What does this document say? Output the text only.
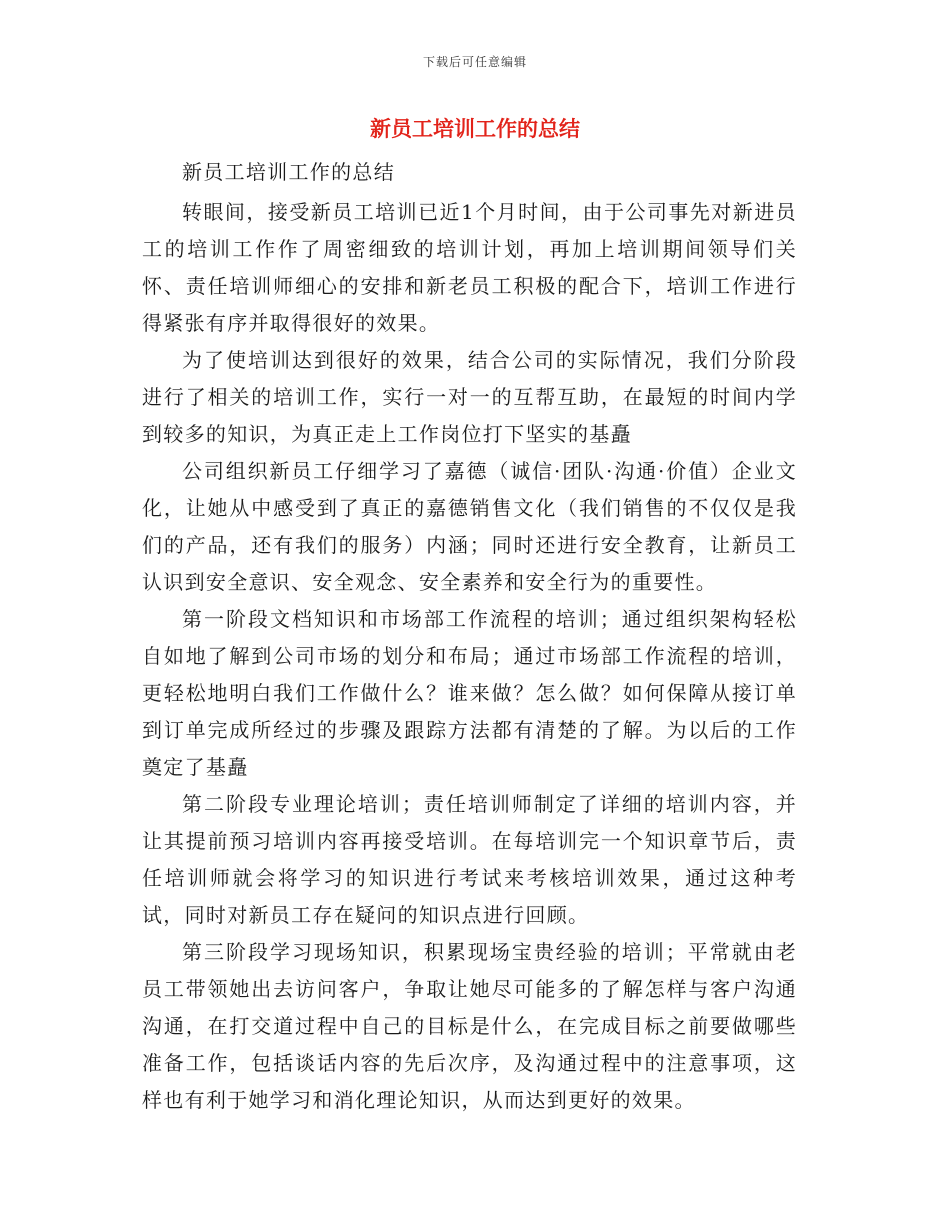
下载后可任意编辑
新员工培训工作的总结

新员工培训工作的总结

转眼间，接受新员工培训已近1个月时间，由于公司事先对新进员工的培训工作作了周密细致的培训计划，再加上培训期间领导们关怀、责任培训师细心的安排和新老员工积极的配合下，培训工作进行得紧张有序并取得很好的效果。

为了使培训达到很好的效果，结合公司的实际情况，我们分阶段进行了相关的培训工作，实行一对一的互帮互助，在最短的时间内学到较多的知识，为真正走上工作岗位打下坚实的基矗

公司组织新员工仔细学习了嘉德（诚信·团队·沟通·价值）企业文化，让她从中感受到了真正的嘉德销售文化（我们销售的不仅仅是我们的产品，还有我们的服务）内涵；同时还进行安全教育，让新员工认识到安全意识、安全观念、安全素养和安全行为的重要性。

第一阶段文档知识和市场部工作流程的培训；通过组织架构轻松自如地了解到公司市场的划分和布局；通过市场部工作流程的培训，更轻松地明白我们工作做什么？谁来做？怎么做？如何保障从接订单到订单完成所经过的步骤及跟踪方法都有清楚的了解。为以后的工作奠定了基矗

第二阶段专业理论培训；责任培训师制定了详细的培训内容，并让其提前预习培训内容再接受培训。在每培训完一个知识章节后，责任培训师就会将学习的知识进行考试来考核培训效果，通过这种考试，同时对新员工存在疑问的知识点进行回顾。

第三阶段学习现场知识，积累现场宝贵经验的培训；平常就由老员工带领她出去访问客户，争取让她尽可能多的了解怎样与客户沟通沟通，在打交道过程中自己的目标是什么，在完成目标之前要做哪些准备工作，包括谈话内容的先后次序，及沟通过程中的注意事项，这样也有利于她学习和消化理论知识，从而达到更好的效果。
